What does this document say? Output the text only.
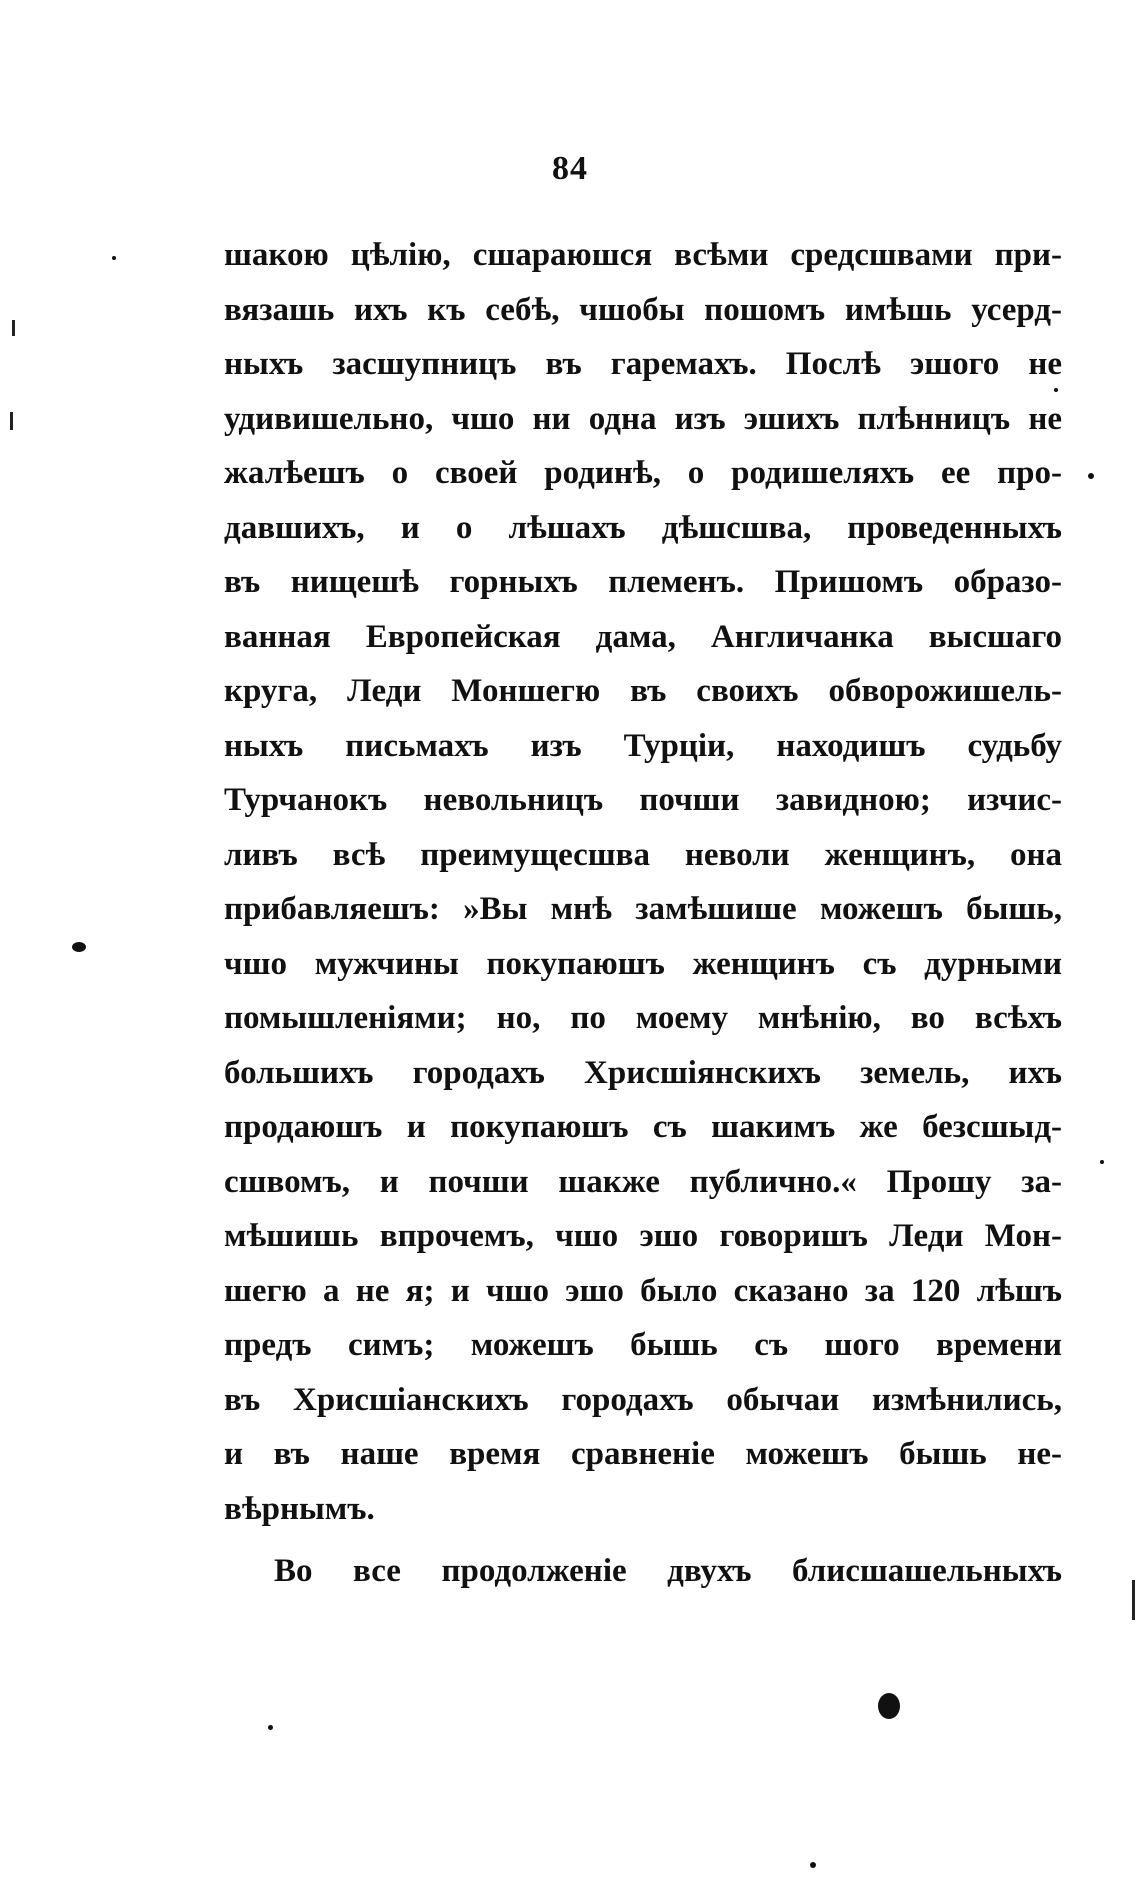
84
шакою цѣлію, сшараюшся всѣми средсшвами при-
вязашь ихъ къ себѣ, чшобы пошомъ имѣшь усерд-
ныхъ засшупницъ въ гаремахъ. Послѣ эшого не
удивишельно, чшо ни одна изъ эшихъ плѣнницъ не
жалѣешъ о своей родинѣ, о родишеляхъ ее про-
давшихъ, и о лѣшахъ дѣшсшва, проведенныхъ
въ нищешѣ горныхъ племенъ. Пришомъ образо-
ванная Европейская дама, Англичанка высшаго
круга, Леди Моншегю въ своихъ обворожишель-
ныхъ письмахъ изъ Турціи, находишъ судьбу
Турчанокъ невольницъ почши завидною; изчис-
ливъ всѣ преимущесшва неволи женщинъ, она
прибавляешъ: »Вы мнѣ замѣшише можешъ бышь,
чшо мужчины покупаюшъ женщинъ съ дурными
помышленіями; но, по моему мнѣнію, во всѣхъ
большихъ городахъ Хрисшіянскихъ земель, ихъ
продаюшъ и покупаюшъ съ шакимъ же безсшыд-
сшвомъ, и почши шакже публично.« Прошу за-
мѣшишь впрочемъ, чшо эшо говоришъ Леди Мон-
шегю а не я; и чшо эшо было сказано за 120 лѣшъ
предъ симъ; можешъ бышь съ шого времени
въ Хрисшіанскихъ городахъ обычаи измѣнились,
и въ наше время сравненіе можешъ бышь не-
вѣрнымъ.
Во все продолженіе двухъ блисшашельныхъ
